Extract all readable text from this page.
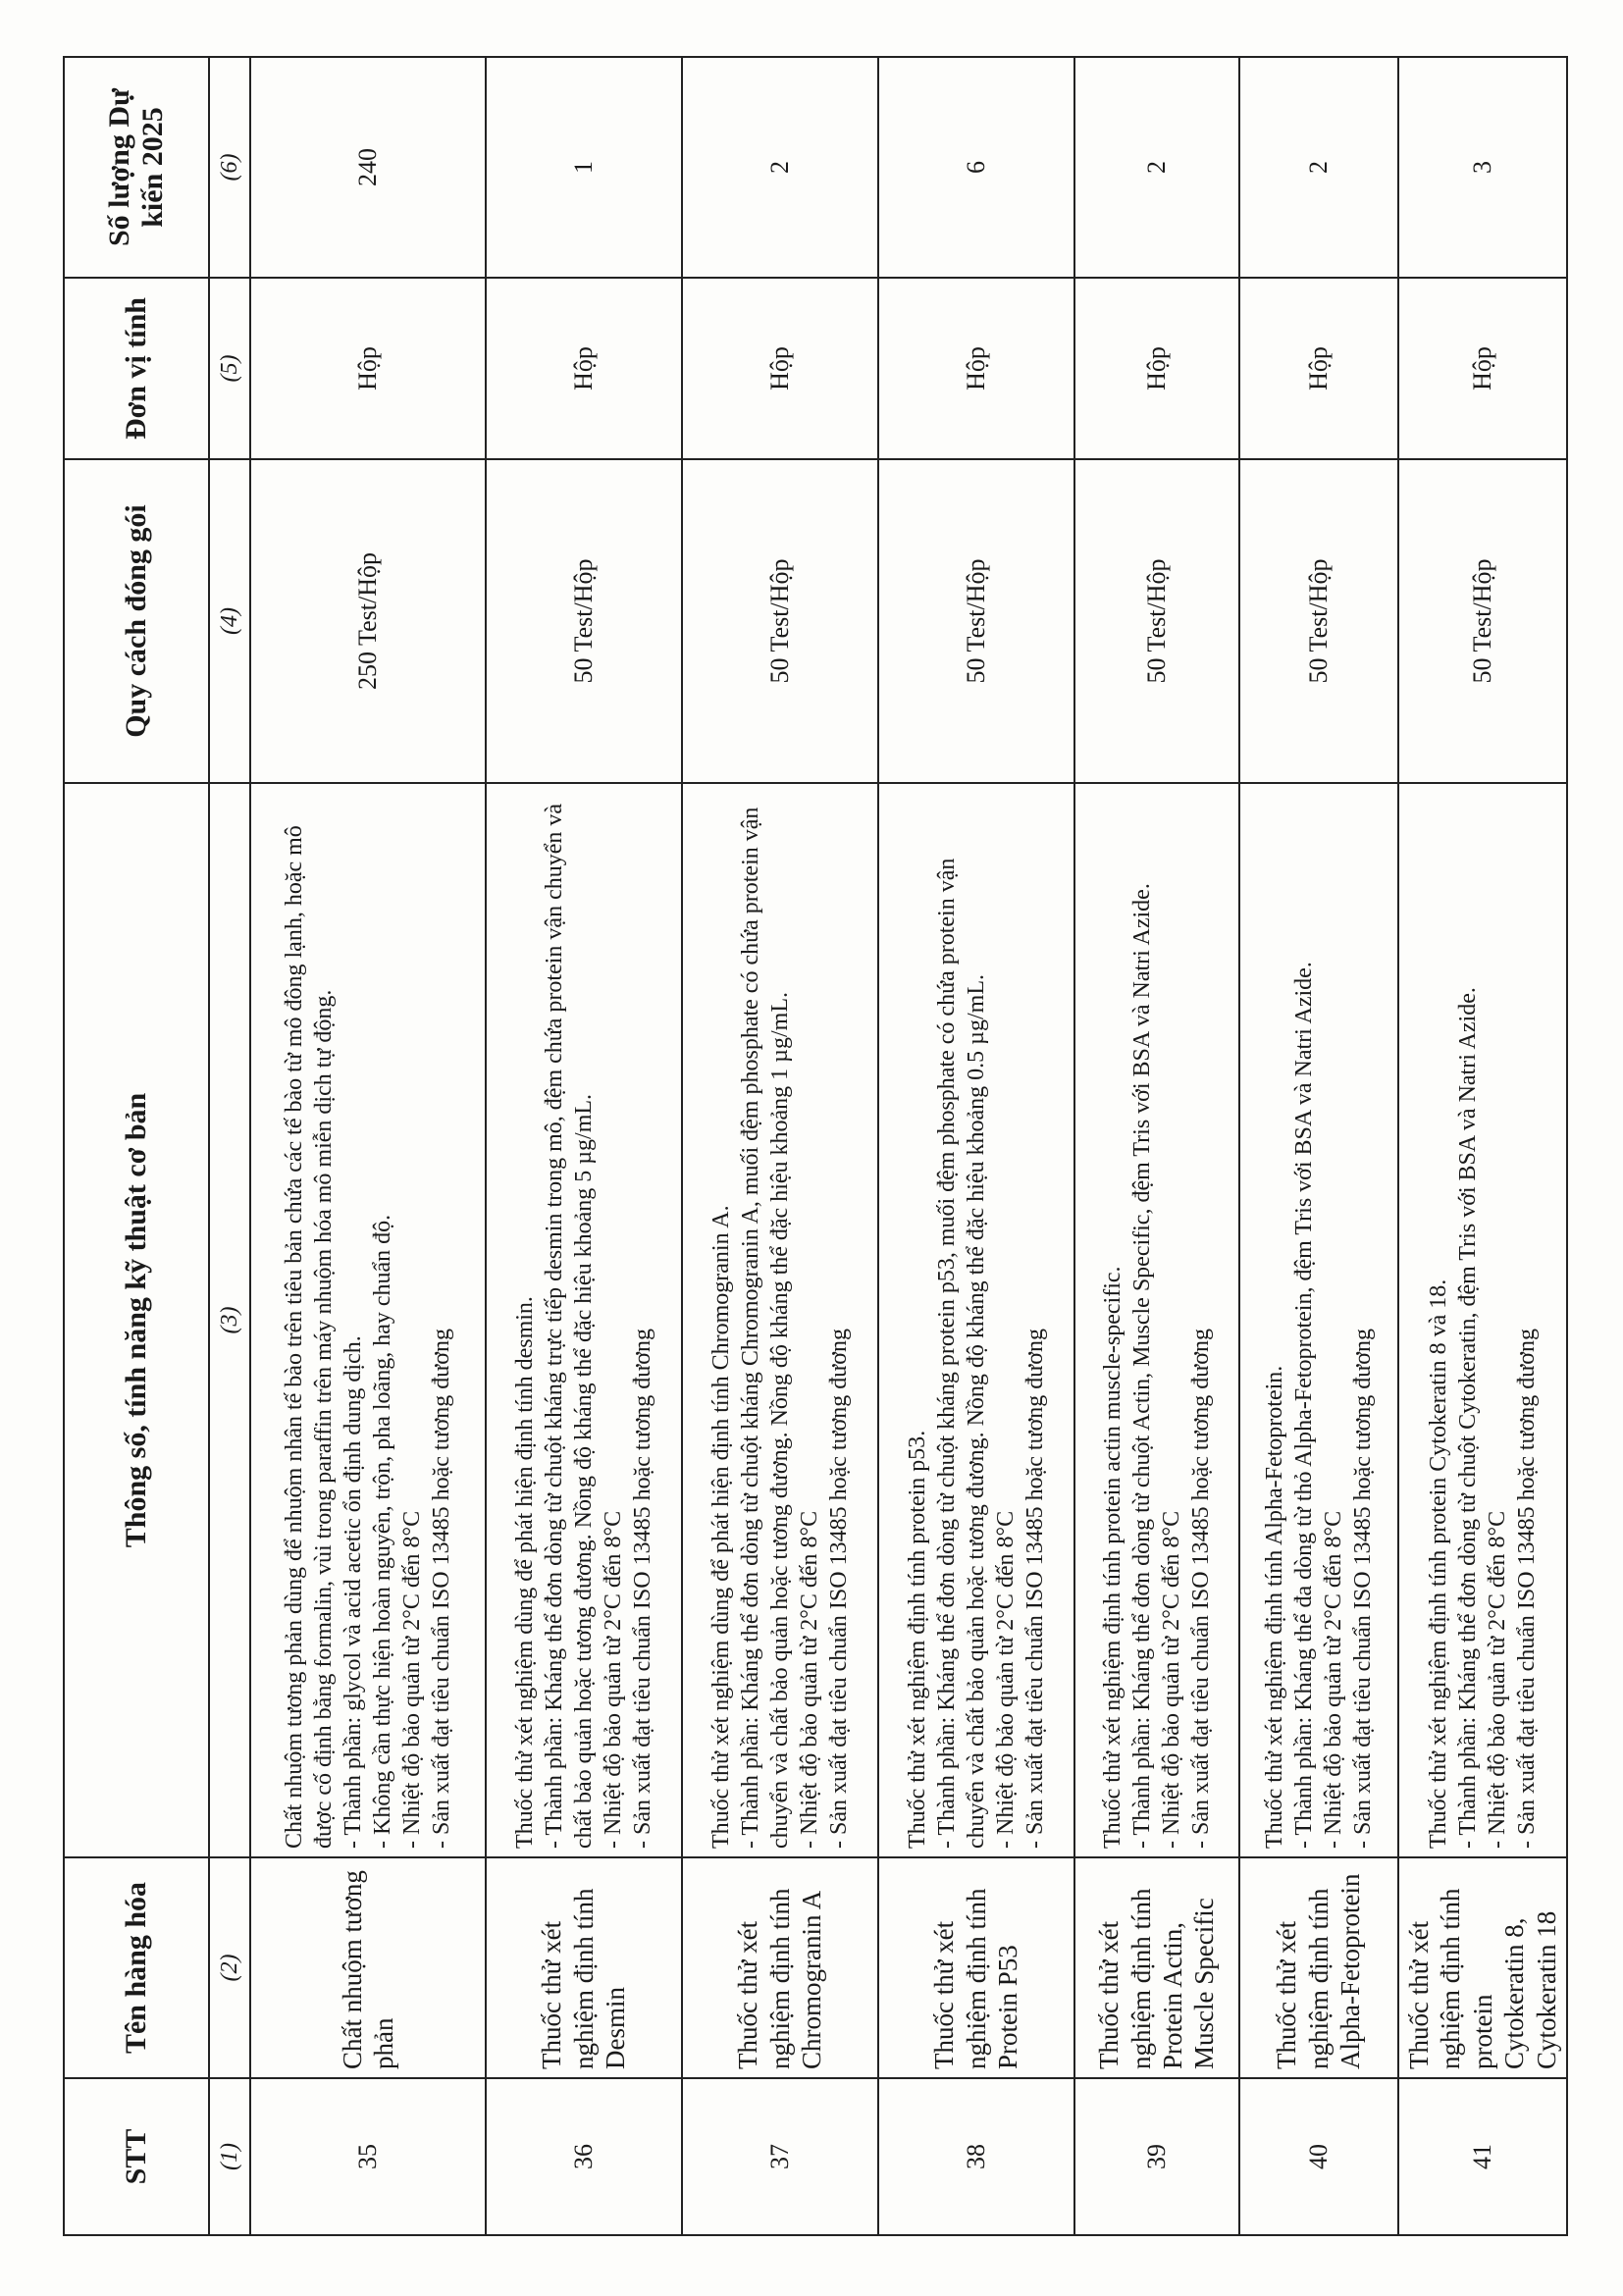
STT	Tên hàng hóa	Thông số, tính năng kỹ thuật cơ bản	Quy cách đóng gói	Đơn vị tính	Số lượng Dự kiến 2025
(1)	(2)	(3)	(4)	(5)	(6)
35	Chất nhuộm tương phản	Chất nhuộm tương phản dùng để nhuộm nhân tế bào trên tiêu bản chứa các tế bào từ mô đông lạnh, hoặc mô được cố định bằng formalin, vùi trong paraffin trên máy nhuộm hóa mô miễn dịch tự động. - Thành phần: glycol và acid acetic ổn định dung dịch. - Không cần thực hiện hoàn nguyên, trộn, pha loãng, hay chuẩn độ. - Nhiệt độ bảo quản từ 2°C đến 8°C - Sản xuất đạt tiêu chuẩn ISO 13485 hoặc tương đương	250 Test/Hộp	Hộp	240
36	Thuốc thử xét nghiệm định tính Desmin	Thuốc thử xét nghiệm dùng để phát hiện định tính desmin. - Thành phần: Kháng thể đơn dòng từ chuột kháng trực tiếp desmin trong mô, đệm chứa protein vận chuyển và chất bảo quản hoặc tương đương. Nồng độ kháng thể đặc hiệu khoảng 5 µg/mL. - Nhiệt độ bảo quản từ 2°C đến 8°C - Sản xuất đạt tiêu chuẩn ISO 13485 hoặc tương đương	50 Test/Hộp	Hộp	1
37	Thuốc thử xét nghiệm định tính Chromogranin A	Thuốc thử xét nghiệm dùng để phát hiện định tính Chromogranin A. - Thành phần: Kháng thể đơn dòng từ chuột kháng Chromogranin A, muối đệm phosphate có chứa protein vận chuyển và chất bảo quản hoặc tương đương. Nồng độ kháng thể đặc hiệu khoảng 1 µg/mL. - Nhiệt độ bảo quản từ 2°C đến 8°C - Sản xuất đạt tiêu chuẩn ISO 13485 hoặc tương đương	50 Test/Hộp	Hộp	2
38	Thuốc thử xét nghiệm định tính Protein P53	Thuốc thử xét nghiệm định tính protein p53. - Thành phần: Kháng thể đơn dòng từ chuột kháng protein p53, muối đệm phosphate có chứa protein vận chuyển và chất bảo quản hoặc tương đương. Nồng độ kháng thể đặc hiệu khoảng 0.5 µg/mL. - Nhiệt độ bảo quản từ 2°C đến 8°C - Sản xuất đạt tiêu chuẩn ISO 13485 hoặc tương đương	50 Test/Hộp	Hộp	6
39	Thuốc thử xét nghiệm định tính Protein Actin, Muscle Specific	Thuốc thử xét nghiệm định tính protein actin muscle-specific. - Thành phần: Kháng thể đơn dòng từ chuột Actin, Muscle Specific, đệm Tris với BSA và Natri Azide. - Nhiệt độ bảo quản từ 2°C đến 8°C - Sản xuất đạt tiêu chuẩn ISO 13485 hoặc tương đương	50 Test/Hộp	Hộp	2
40	Thuốc thử xét nghiệm định tính Alpha-Fetoprotein	Thuốc thử xét nghiệm định tính Alpha-Fetoprotein. - Thành phần: Kháng thể đa dòng từ thỏ Alpha-Fetoprotein, đệm Tris với BSA và Natri Azide. - Nhiệt độ bảo quản từ 2°C đến 8°C - Sản xuất đạt tiêu chuẩn ISO 13485 hoặc tương đương	50 Test/Hộp	Hộp	2
41	Thuốc thử xét nghiệm định tính protein Cytokeratin 8, Cytokeratin 18	Thuốc thử xét nghiệm định tính protein Cytokeratin 8 và 18. - Thành phần: Kháng thể đơn dòng từ chuột Cytokeratin, đệm Tris với BSA và Natri Azide. - Nhiệt độ bảo quản từ 2°C đến 8°C - Sản xuất đạt tiêu chuẩn ISO 13485 hoặc tương đương	50 Test/Hộp	Hộp	3
